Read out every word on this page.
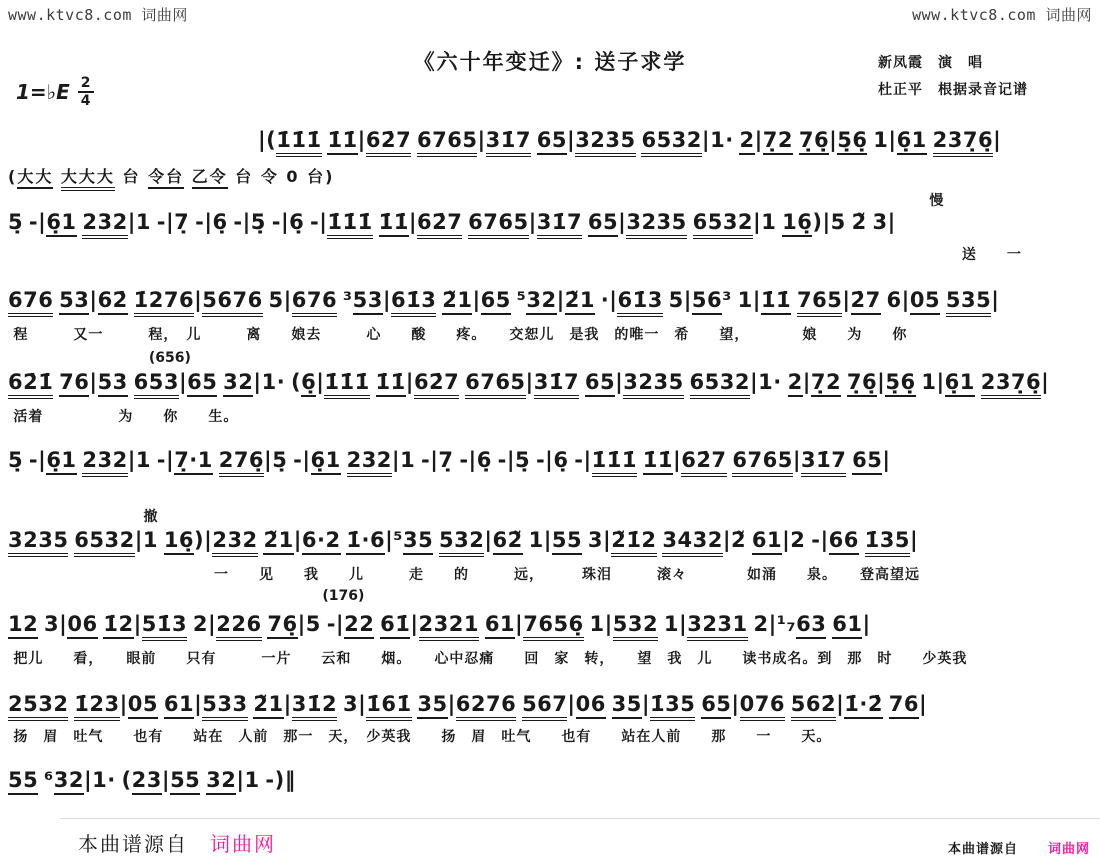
www.ktvc8.com 词曲网	www.ktvc8.com 词曲网
《六十年变迁》: 送子求学	新凤霞　演　唱
杜正平　根据录音记谱
1=♭E $\frac{2}{4}$
|(1̇1̇1̇ 1̇1̇|62̇7 6765|31̇7 65|3235 6532|1· 2|7̣2 7̣6̣|5̣6̣ 1|6̣1 237̣6̣|
(大大 大大大 台 令台 乙令 台 令 0 台)
5̣ -|6̣1 232|1 -|7̣ -|6̣ -|5̣ -|6̣ -|1̇1̇1̇ 1̇1̇|62̇7 6765|31̇7 65|3235 6532|1 16̣)|5 2̃ 3|
送　　一
慢
676 53|62̇ 1̇276|5676 5|676 ³53|61̇3 2̃1|65 ⁵32|2̃1 ·|61̇3 5|56³ 1|1̇1̇ 765|2̇7 6|05 535|
程　　　又一　　　程，　儿　　　离　　娘去　　　心　　酸　　疼。　　交恕儿　是我　的唯一　希　　望，　　　　娘　　为　　你
(656)
62̇1̇ 76|53 653|65 32|1· (6̣|1̇1̇1̇ 1̇1̇|62̇7 6765|31̇7 65|3235 6532|1· 2|7̣2 7̣6̣|5̣6̣ 1|6̣1 237̣6̣|
活着　　　　　为　　你　　生。
5̣ -|6̣1 232|1 -|7̣·1 276̣|5̣ -|6̣1 232|1 -|7̣ -|6̣ -|5̣ -|6̣ -|1̇1̇1̇ 1̇1̇|62̇7 6765|31̇7 65|
3235 6532|1 16̣)|232 2̃1|6·2 1̇·6|⁵35 532|62̃ 1|55 3|2̃1̇2 3432|2̃ 61|2 -|66 1̇35|
一　　见　　我　　儿　　　走　　的　　　远，　　　珠泪　　　滚々　　　　如涌　　泉。　　登高望远
撤
12 3|06 1̇2|51̇3 2|226 76̣|5 -|22 61̇|2321 61|7656̣ 1|532 1|3231 2|¹₇63 61|
把儿　　看，　　眼前　　只有　　　一片　　云和　　烟。　　心中忍痛　　回　家　转，　　望　我　儿　　读书成名。到　那　时　　少英我
(176)
2532 1̇23|05 61|533 2̃1|31̇2 3|1̇61̇ 35|6276 567|06 35|1̇35 65|076 562̇|1̇·2̇ 76|
扬　眉　吐气　　也有　　站在　人前　那一　天，　少英我　　扬　眉　吐气　　也有　　站在人前　　那　　一　　天。
55 ⁶32|1· (23|55 32|1 -)‖
本曲谱源自 词曲网	本曲谱源自 词曲网
